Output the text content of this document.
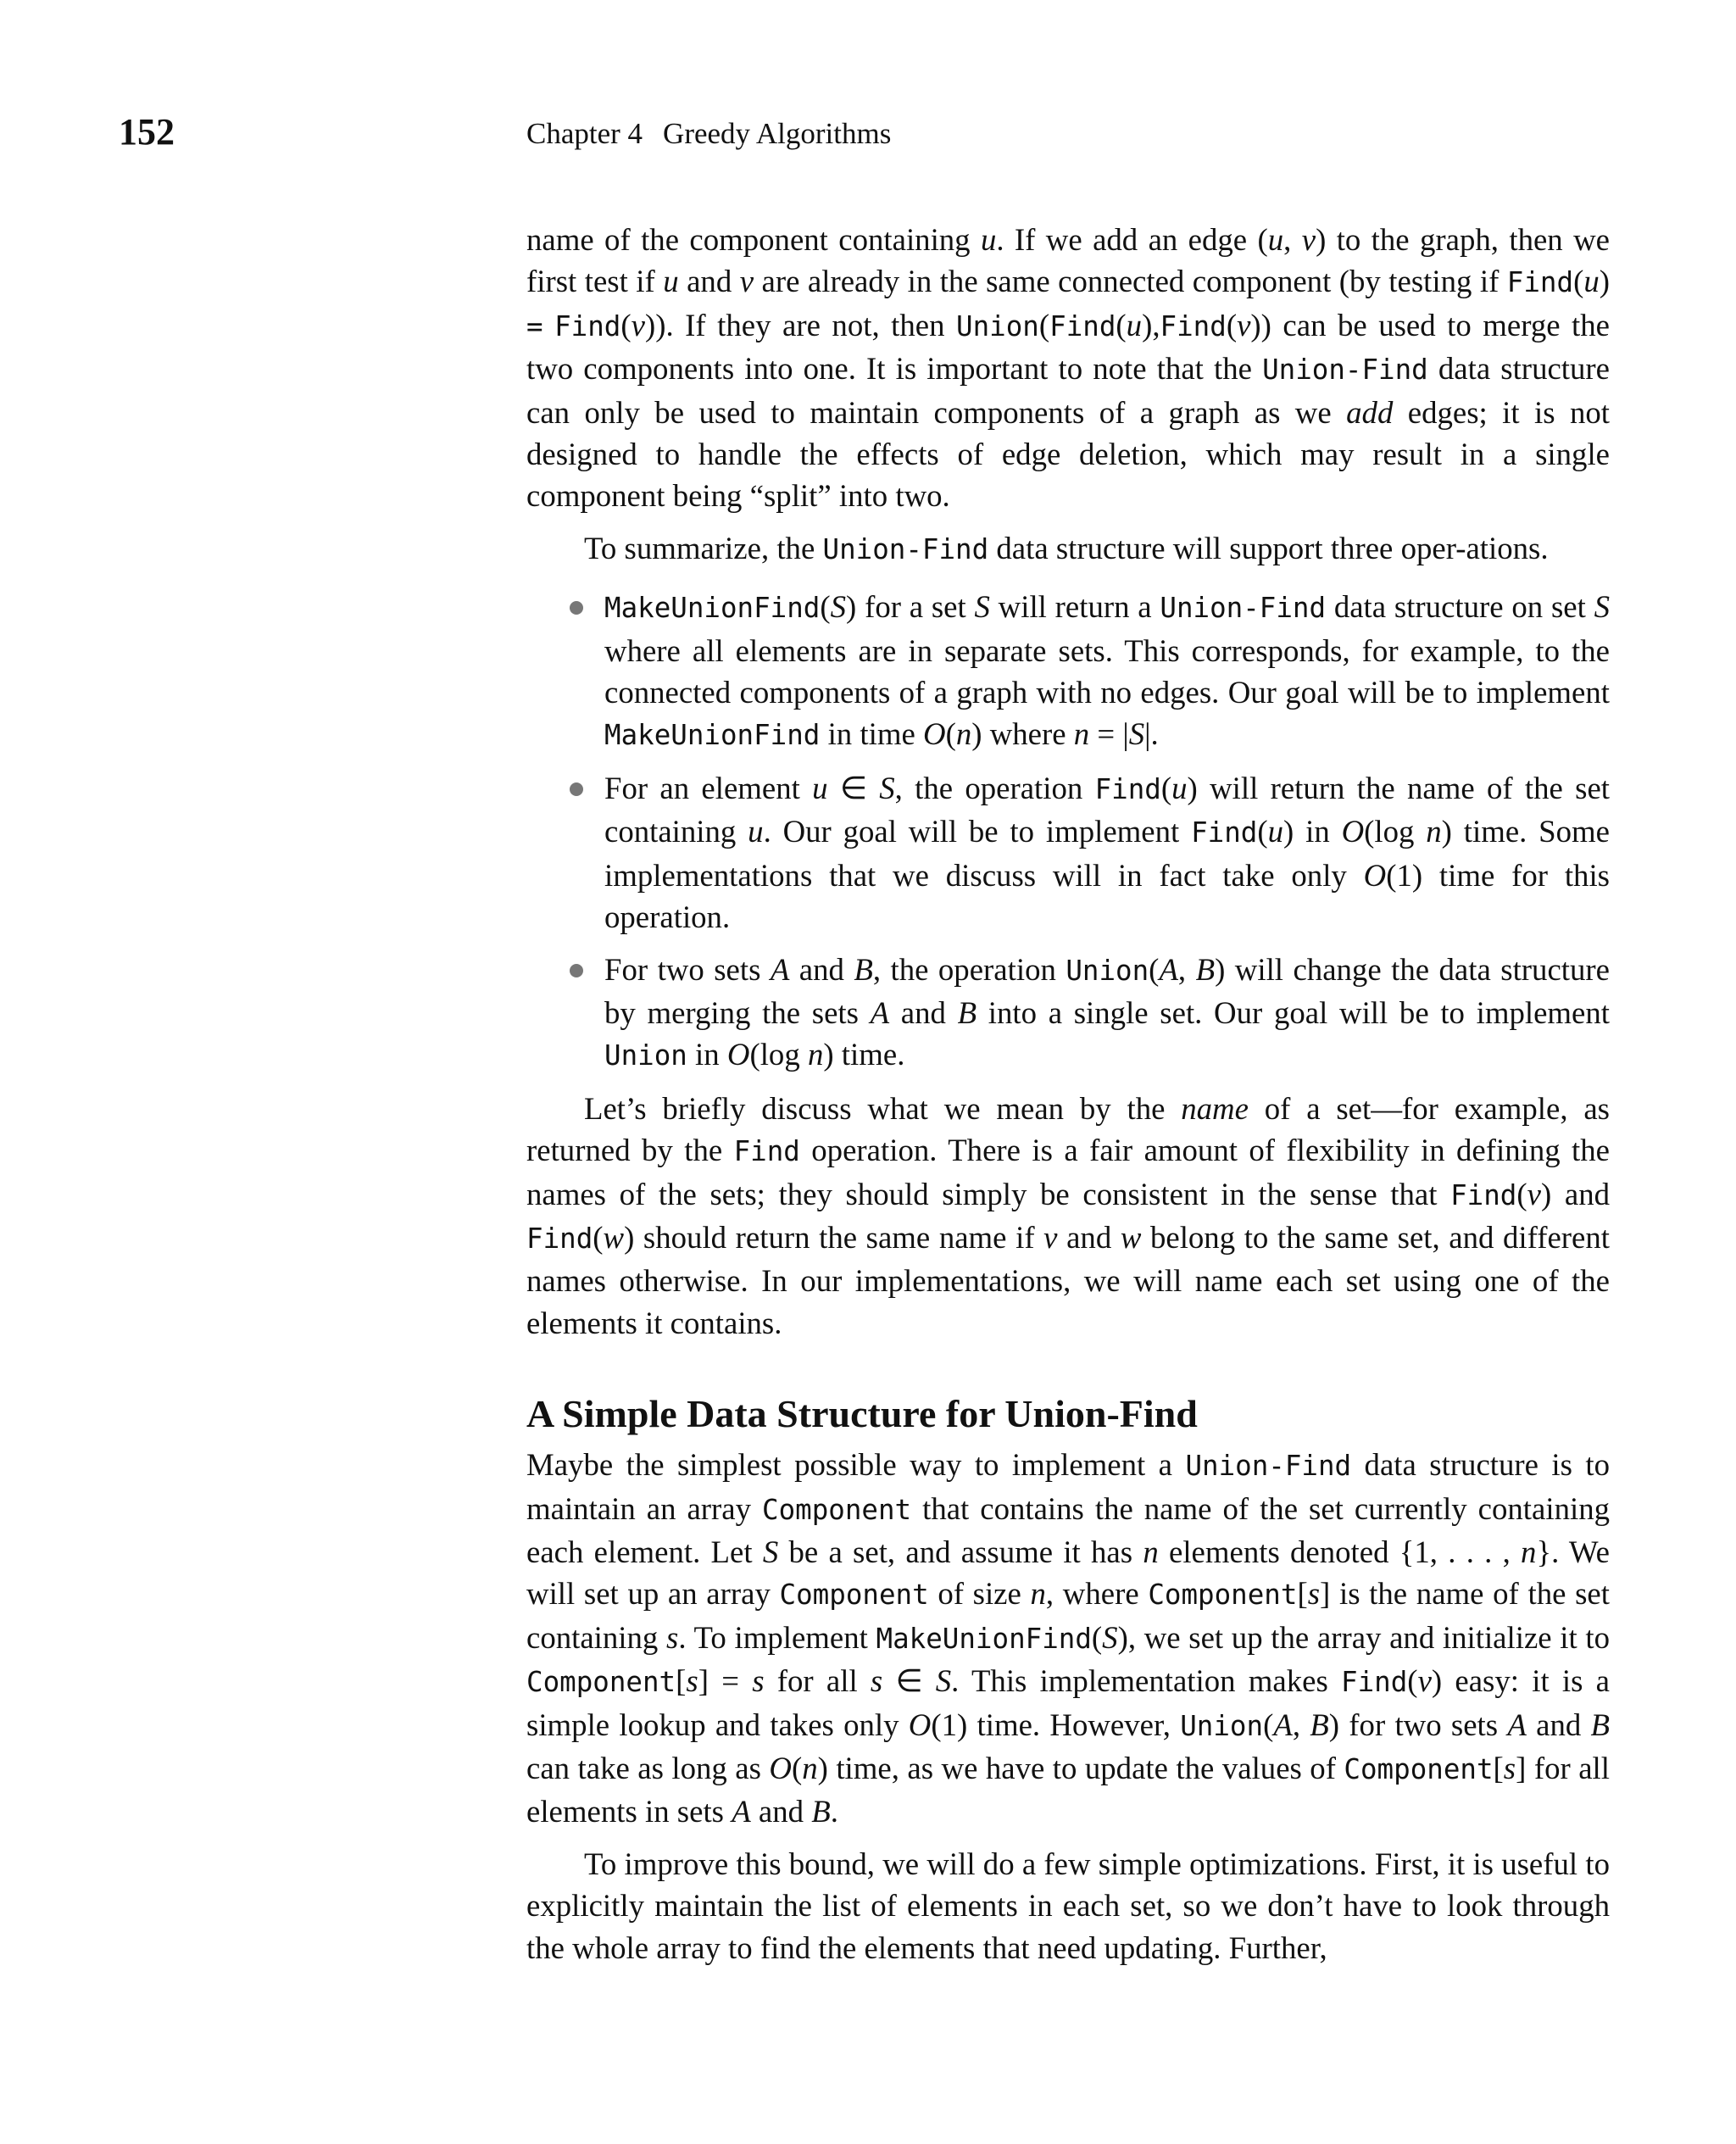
152	Chapter 4 Greedy Algorithms

name of the component containing u. If we add an edge (u, v) to the graph, then we first test if u and v are already in the same connected component (by testing if Find(u) = Find(v)). If they are not, then Union(Find(u),Find(v)) can be used to merge the two components into one. It is important to note that the Union-Find data structure can only be used to maintain components of a graph as we add edges; it is not designed to handle the effects of edge deletion, which may result in a single component being “split” into two.

To summarize, the Union-Find data structure will support three oper-ations.

MakeUnionFind(S) for a set S will return a Union-Find data structure on set S where all elements are in separate sets. This corresponds, for example, to the connected components of a graph with no edges. Our goal will be to implement MakeUnionFind in time O(n) where n = |S|.
For an element u ∈ S, the operation Find(u) will return the name of the set containing u. Our goal will be to implement Find(u) in O(log n) time. Some implementations that we discuss will in fact take only O(1) time for this operation.
For two sets A and B, the operation Union(A, B) will change the data structure by merging the sets A and B into a single set. Our goal will be to implement Union in O(log n) time.

Let’s briefly discuss what we mean by the name of a set—for example, as returned by the Find operation. There is a fair amount of flexibility in defining the names of the sets; they should simply be consistent in the sense that Find(v) and Find(w) should return the same name if v and w belong to the same set, and different names otherwise. In our implementations, we will name each set using one of the elements it contains.

A Simple Data Structure for Union-Find

Maybe the simplest possible way to implement a Union-Find data structure is to maintain an array Component that contains the name of the set currently containing each element. Let S be a set, and assume it has n elements denoted {1, . . . , n}. We will set up an array Component of size n, where Component[s] is the name of the set containing s. To implement MakeUnionFind(S), we set up the array and initialize it to Component[s] = s for all s ∈ S. This implementation makes Find(v) easy: it is a simple lookup and takes only O(1) time. However, Union(A, B) for two sets A and B can take as long as O(n) time, as we have to update the values of Component[s] for all elements in sets A and B.

To improve this bound, we will do a few simple optimizations. First, it is useful to explicitly maintain the list of elements in each set, so we don’t have to look through the whole array to find the elements that need updating. Further,
